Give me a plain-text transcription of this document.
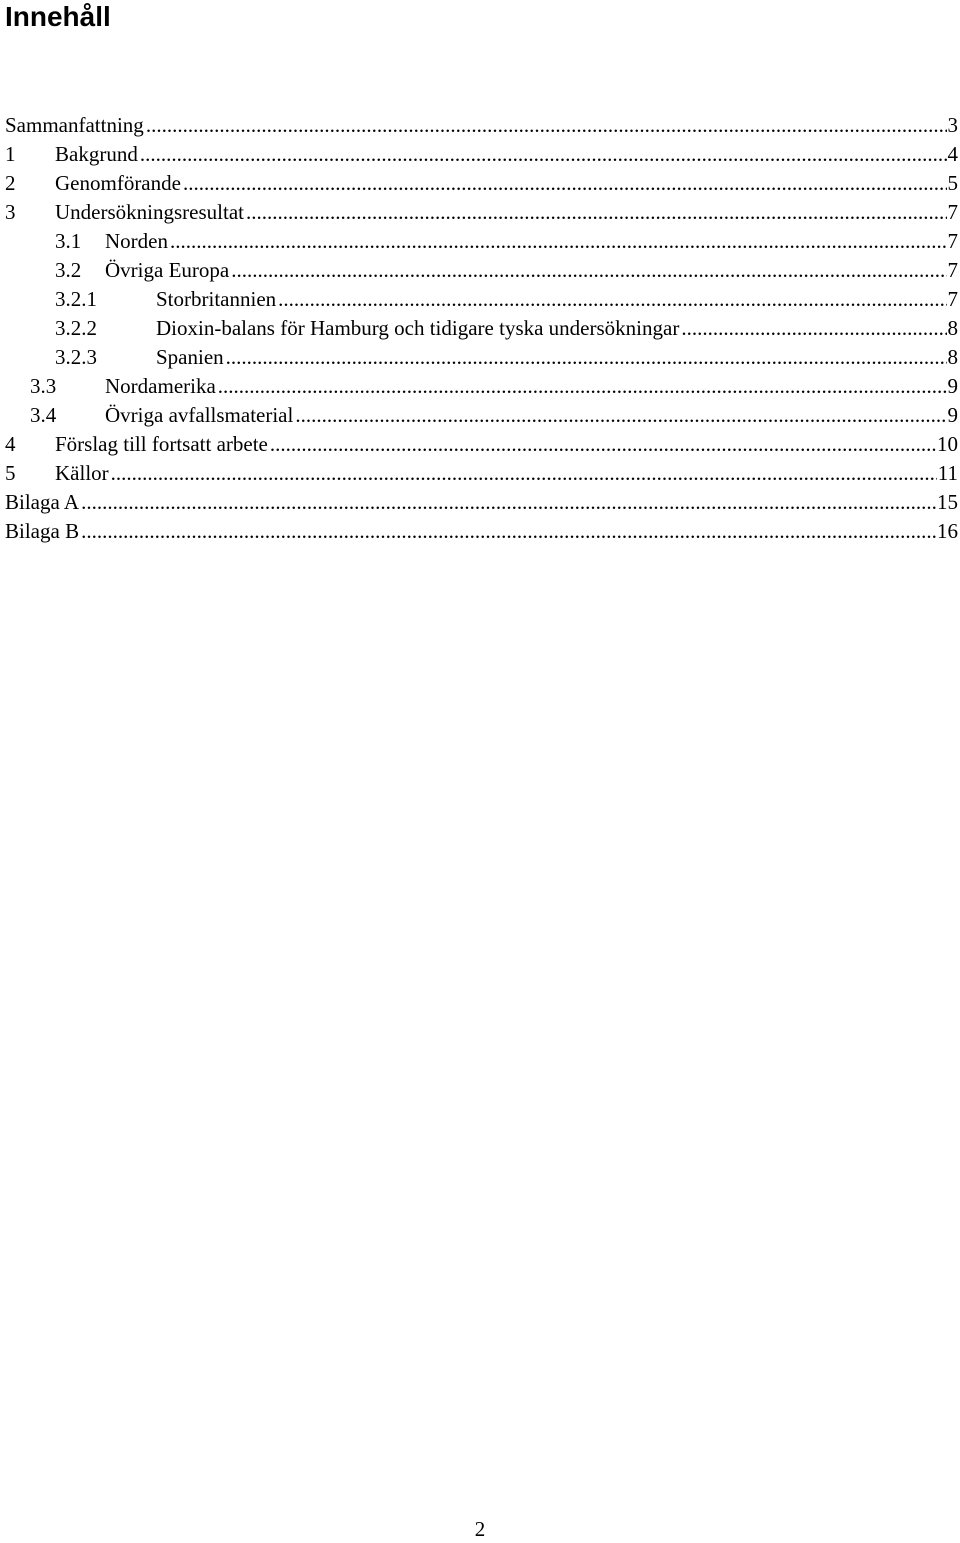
Innehåll
Sammanfattning .....	3
1 Bakgrund .....	4
2 Genomförande .....	5
3 Undersökningsresultat .....	7
3.1 Norden .....	7
3.2 Övriga Europa .....	7
3.2.1	Storbritannien .....	7
3.2.2	Dioxin-balans för Hamburg och tidigare tyska undersökningar .....	8
3.2.3	Spanien .....	8
3.3 Nordamerika .....	9
3.4 Övriga avfallsmaterial .....	9
4 Förslag till fortsatt arbete .....	10
5 Källor .....	11
Bilaga A .....	15
Bilaga B .....	16
2
